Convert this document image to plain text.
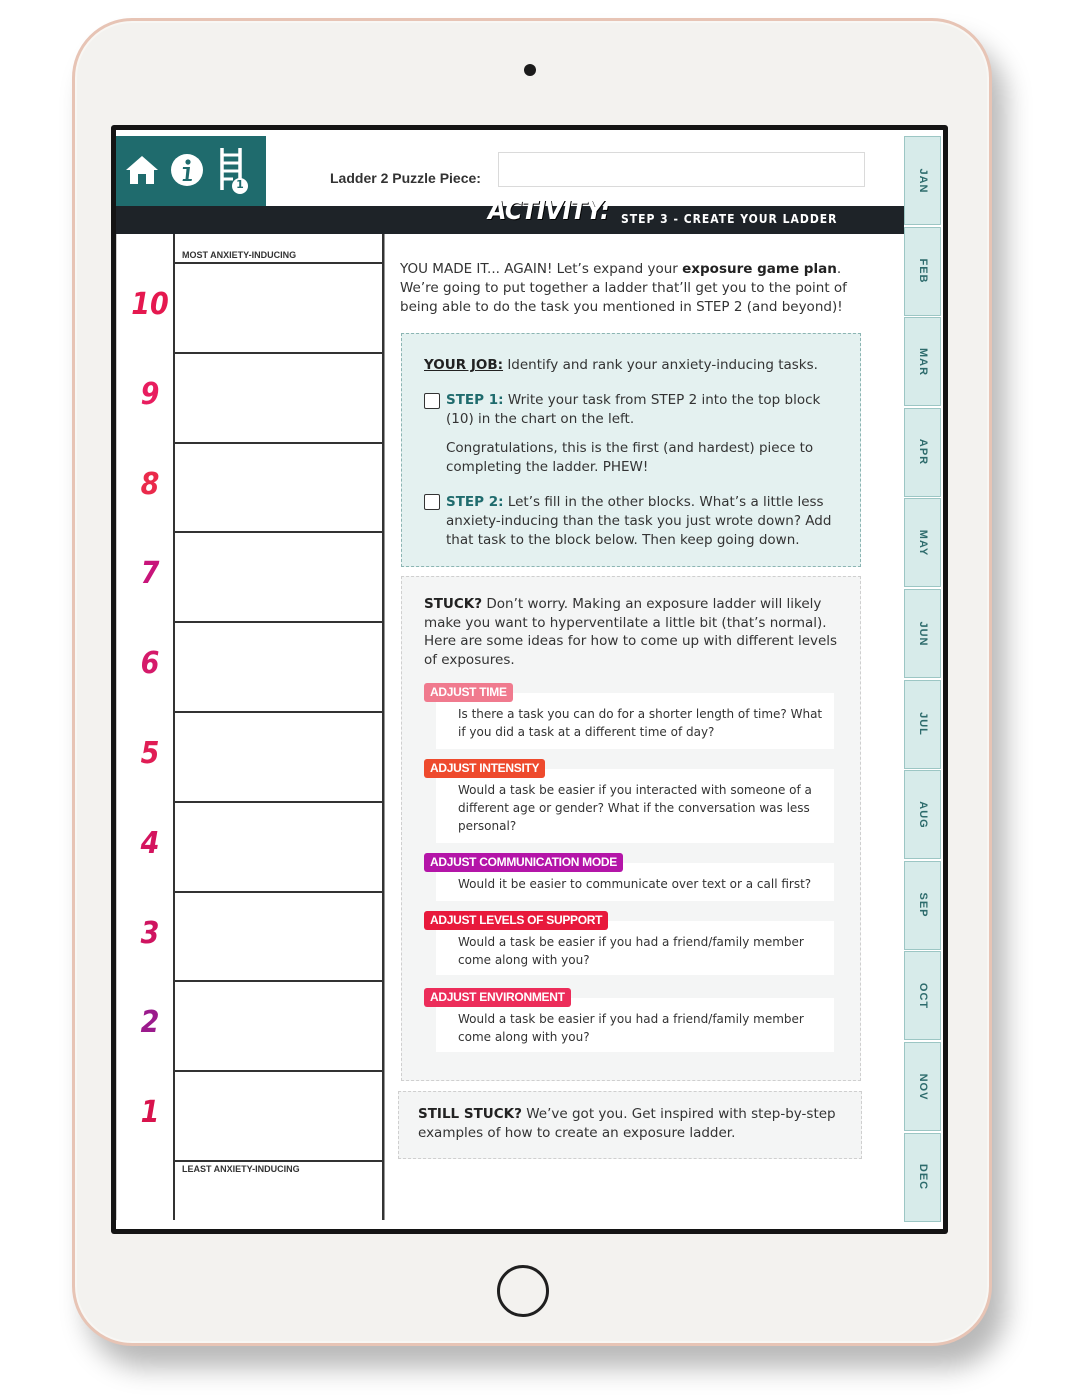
1	Ladder 2 Puzzle Piece:
ACTIVITY: STEP 3 - CREATE YOUR LADDER
JAN
FEB
MAR
APR
MAY
JUN
JUL
AUG
SEP
OCT
NOV
DEC
MOST ANXIETY-INDUCING
LEAST ANXIETY-INDUCING
10
9
8
7
6
5
4
3
2
1
YOU MADE IT... AGAIN! Let’s expand your exposure game plan. We’re going to put together a ladder that’ll get you to the point of being able to do the task you mentioned in STEP 2 (and beyond)!
YOUR JOB: Identify and rank your anxiety-inducing tasks.
STEP 1: Write your task from STEP 2 into the top block (10) in the chart on the left.
Congratulations, this is the first (and hardest) piece to completing the ladder. PHEW!
STEP 2: Let’s fill in the other blocks. What’s a little less anxiety-inducing than the task you just wrote down? Add that task to the block below. Then keep going down.
STUCK? Don’t worry. Making an exposure ladder will likely make you want to hyperventilate a little bit (that’s normal). Here are some ideas for how to come up with different levels of exposures.
ADJUST TIME
Is there a task you can do for a shorter length of time? What if you did a task at a different time of day?
ADJUST INTENSITY
Would a task be easier if you interacted with someone of a different age or gender? What if the conversation was less personal?
ADJUST COMMUNICATION MODE
Would it be easier to communicate over text or a call first?
ADJUST LEVELS OF SUPPORT
Would a task be easier if you had a friend/family member come along with you?
ADJUST ENVIRONMENT
Would a task be easier if you had a friend/family member come along with you?
STILL STUCK? We’ve got you. Get inspired with step-by-step examples of how to create an exposure ladder.
